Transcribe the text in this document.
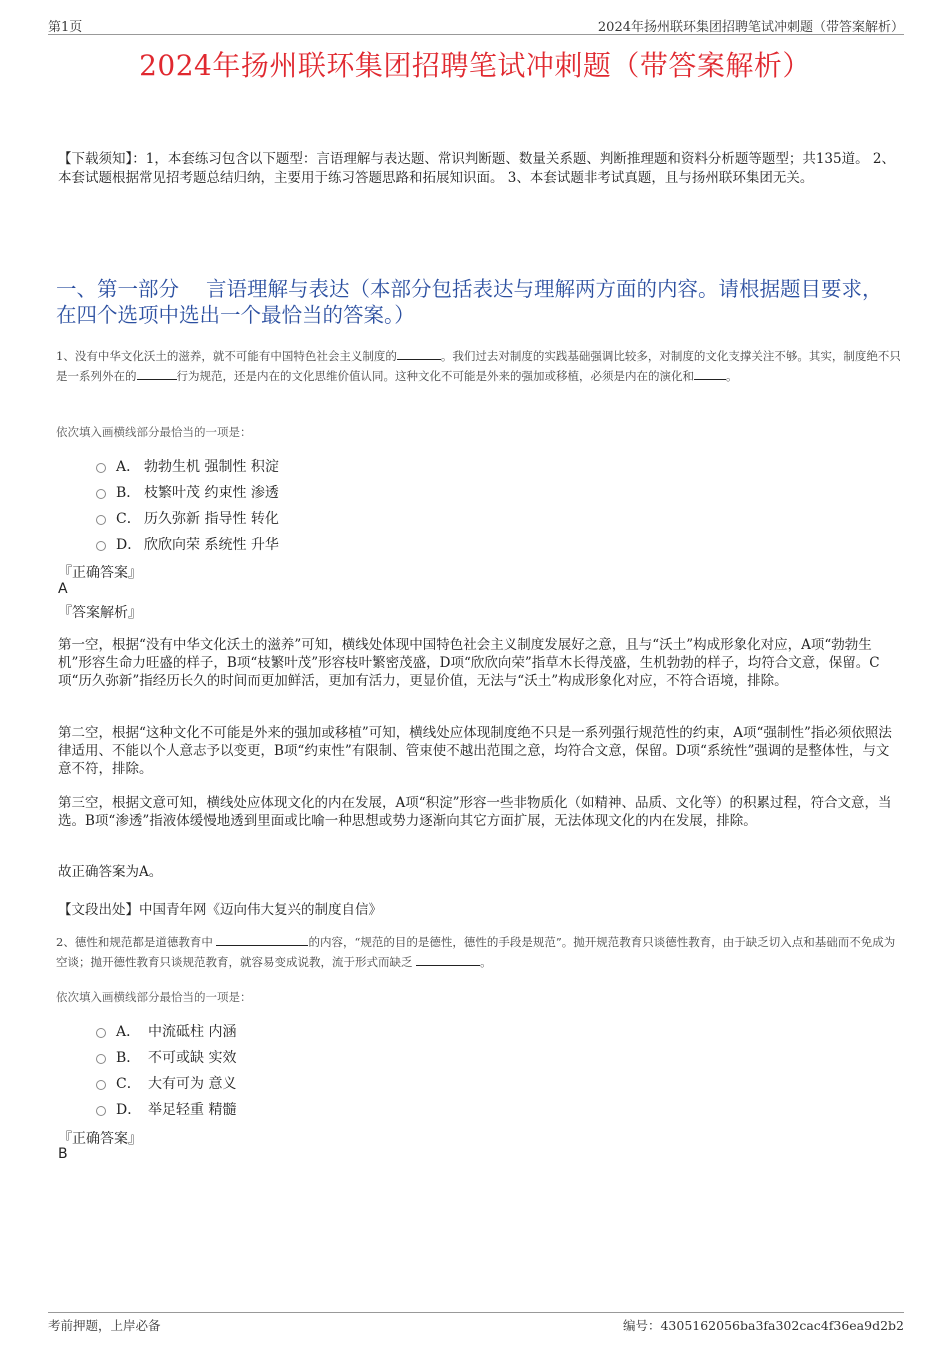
第1页	2024年扬州联环集团招聘笔试冲刺题（带答案解析）
2024年扬州联环集团招聘笔试冲刺题（带答案解析）
【下载须知】：1，本套练习包含以下题型：言语理解与表达题、常识判断题、数量关系题、判断推理题和资料分析题等题型；共135道。 2、本套试题根据常见招考题总结归纳，主要用于练习答题思路和拓展知识面。 3、本套试题非考试真题，且与扬州联环集团无关。
一、第一部分　 言语理解与表达（本部分包括表达与理解两方面的内容。请根据题目要求，在四个选项中选出一个最恰当的答案。）
1、没有中华文化沃土的滋养，就不可能有中国特色社会主义制度的	。我们过去对制度的实践基础强调比较多，对制度的文化支撑关注不够。其实，制度绝不只是一系列外在的	行为规范，还是内在的文化思维价值认同。这种文化不可能是外来的强加或移植，必须是内在的演化和	。
依次填入画横线部分最恰当的一项是：
A． 勃勃生机 强制性 积淀
B． 枝繁叶茂 约束性 渗透
C． 历久弥新 指导性 转化
D． 欣欣向荣 系统性 升华
『正确答案』
A
『答案解析』
第一空，根据“没有中华文化沃土的滋养”可知，横线处体现中国特色社会主义制度发展好之意，且与“沃土”构成形象化对应，A项“勃勃生机”形容生命力旺盛的样子，B项“枝繁叶茂”形容枝叶繁密茂盛，D项“欣欣向荣”指草木长得茂盛，生机勃勃的样子，均符合文意，保留。C项“历久弥新”指经历长久的时间而更加鲜活，更加有活力，更显价值，无法与“沃土”构成形象化对应，不符合语境，排除。
第二空，根据“这种文化不可能是外来的强加或移植”可知，横线处应体现制度绝不只是一系列强行规范性的约束，A项“强制性”指必须依照法律适用、不能以个人意志予以变更，B项“约束性”有限制、管束使不越出范围之意，均符合文意，保留。D项“系统性”强调的是整体性，与文意不符，排除。
第三空，根据文意可知，横线处应体现文化的内在发展，A项“积淀”形容一些非物质化（如精神、品质、文化等）的积累过程，符合文意，当选。B项“渗透”指液体缓慢地透到里面或比喻一种思想或势力逐渐向其它方面扩展，无法体现文化的内在发展，排除。
故正确答案为A。
【文段出处】中国青年网《迈向伟大复兴的制度自信》
2、德性和规范都是道德教育中	的内容，“规范的目的是德性，德性的手段是规范”。抛开规范教育只谈德性教育，由于缺乏切入点和基础而不免成为空谈；抛开德性教育只谈规范教育，就容易变成说教，流于形式而缺乏	。
依次填入画横线部分最恰当的一项是：
A． 中流砥柱 内涵
B． 不可或缺 实效
C． 大有可为 意义
D． 举足轻重 精髓
『正确答案』
B
考前押题，上岸必备	编号：4305162056ba3fa302cac4f36ea9d2b2
